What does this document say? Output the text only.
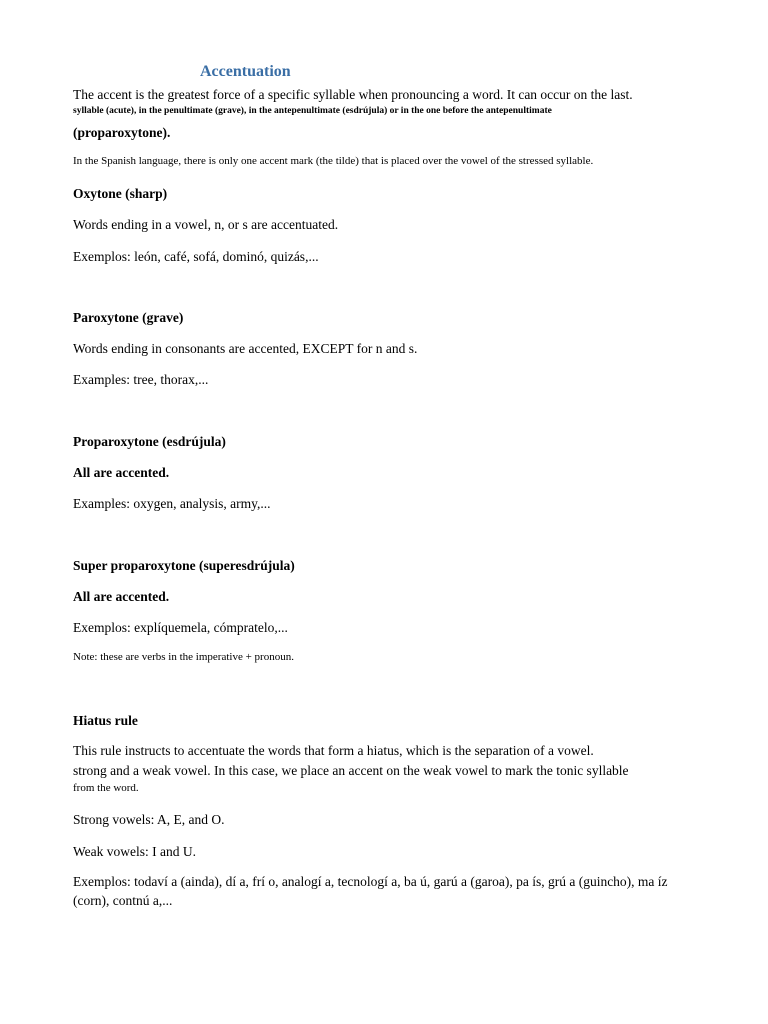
Accentuation

The accent is the greatest force of a specific syllable when pronouncing a word. It can occur on the last.

syllable (acute), in the penultimate (grave), in the antepenultimate (esdrújula) or in the one before the antepenultimate

(proparoxytone).

In the Spanish language, there is only one accent mark (the tilde) that is placed over the vowel of the stressed syllable.

Oxytone (sharp)

Words ending in a vowel, n, or s are accentuated.

Exemplos: león, café, sofá, dominó, quizás,...

Paroxytone (grave)

Words ending in consonants are accented, EXCEPT for n and s.

Examples: tree, thorax,...

Proparoxytone (esdrújula)

All are accented.

Examples: oxygen, analysis, army,...

Super proparoxytone (superesdrújula)

All are accented.

Exemplos: explíquemela, cómpratelo,...

Note: these are verbs in the imperative + pronoun.

Hiatus rule

This rule instructs to accentuate the words that form a hiatus, which is the separation of a vowel.

strong and a weak vowel. In this case, we place an accent on the weak vowel to mark the tonic syllable

from the word.

Strong vowels: A, E, and O.

Weak vowels: I and U.

Exemplos: todaví a (ainda), dí a, frí o, analogí a, tecnologí a, ba ú, garú a (garoa), pa ís, grú a (guincho), ma íz

(corn), contnú a,...
